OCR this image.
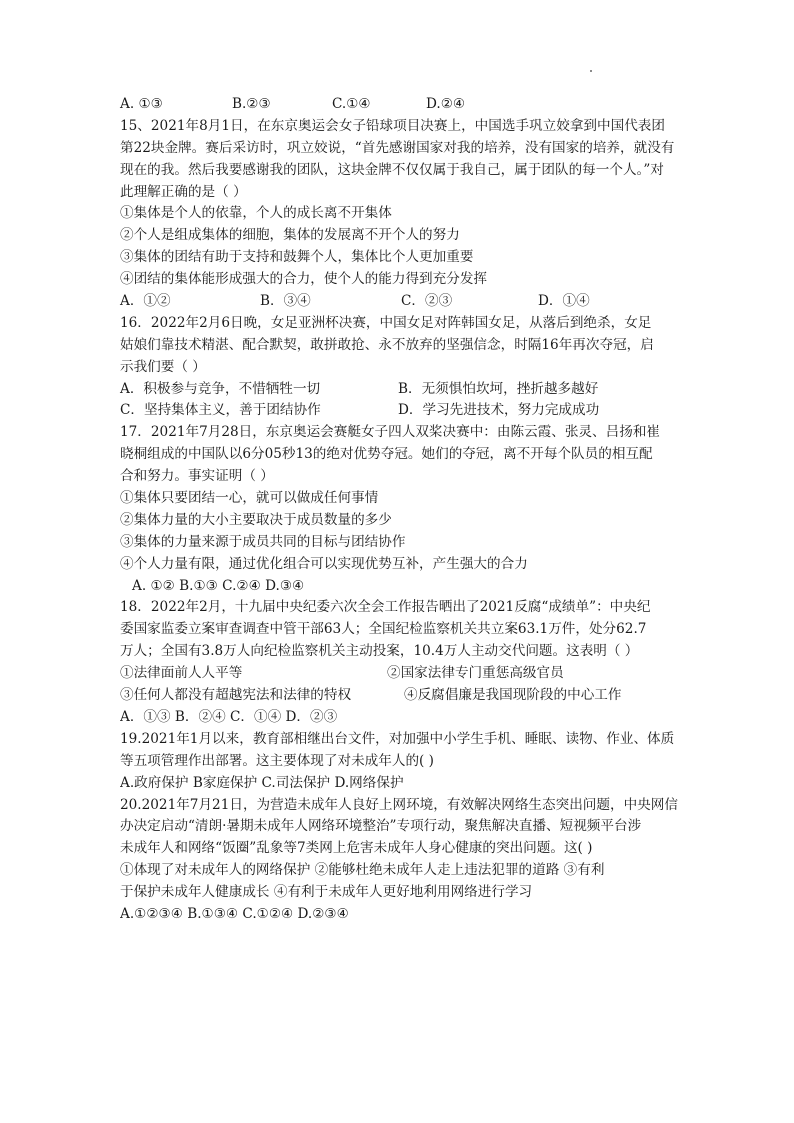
A. ①③	B.②③	C.①④	D.②④
15、2021年8月1日，在东京奥运会女子铅球项目决赛上，中国选手巩立姣拿到中国代表团
第22块金牌。赛后采访时，巩立姣说，“首先感谢国家对我的培养，没有国家的培养，就没有
现在的我。然后我要感谢我的团队，这块金牌不仅仅属于我自己，属于团队的每一个人。”对
此理解正确的是（ ）
①集体是个人的依靠，个人的成长离不开集体
②个人是组成集体的细胞，集体的发展离不开个人的努力
③集体的团结有助于支持和鼓舞个人，集体比个人更加重要
④团结的集体能形成强大的合力，使个人的能力得到充分发挥
A．①②	B．③④	C．②③	D．①④
16．2022年2月6日晚，女足亚洲杯决赛，中国女足对阵韩国女足，从落后到绝杀，女足
姑娘们靠技术精湛、配合默契，敢拼敢抢、永不放弃的坚强信念，时隔16年再次夺冠，启
示我们要（ ）
A．积极参与竞争，不惜牺牲一切	B．无须惧怕坎坷，挫折越多越好
C．坚持集体主义，善于团结协作	D．学习先进技术，努力完成成功
17．2021年7月28日，东京奥运会赛艇女子四人双桨决赛中：由陈云霞、张灵、吕扬和崔
晓桐组成的中国队以6分05秒13的绝对优势夺冠。她们的夺冠，离不开每个队员的相互配
合和努力。事实证明（ ）
①集体只要团结一心，就可以做成任何事情
②集体力量的大小主要取决于成员数量的多少
③集体的力量来源于成员共同的目标与团结协作
④个人力量有限，通过优化组合可以实现优势互补，产生强大的合力
A. ①② B.①③ C.②④ D.③④
18．2022年2月，十九届中央纪委六次全会工作报告晒出了2021反腐“成绩单”：中央纪
委国家监委立案审查调查中管干部63人；全国纪检监察机关共立案63.1万件，处分62.7
万人；全国有3.8万人向纪检监察机关主动投案，10.4万人主动交代问题。这表明（ ）
①法律面前人人平等	②国家法律专门重惩高级官员
③任何人都没有超越宪法和法律的特权	④反腐倡廉是我国现阶段的中心工作
A．①③ B．②④ C．①④ D．②③
19.2021年1月以来，教育部相继出台文件，对加强中小学生手机、睡眠、读物、作业、体质
等五项管理作出部署。这主要体现了对未成年人的( )
A.政府保护 B家庭保护 C.司法保护 D.网络保护
20.2021年7月21日，为营造未成年人良好上网环境，有效解决网络生态突出问题，中央网信
办决定启动“清朗·暑期未成年人网络环境整治”专项行动，聚焦解决直播、短视频平台涉
未成年人和网络“饭圈”乱象等7类网上危害未成年人身心健康的突出问题。这( )
①体现了对未成年人的网络保护 ②能够杜绝未成年人走上违法犯罪的道路 ③有利
于保护未成年人健康成长 ④有利于未成年人更好地利用网络进行学习
A.①②③④ B.①③④ C.①②④ D.②③④
